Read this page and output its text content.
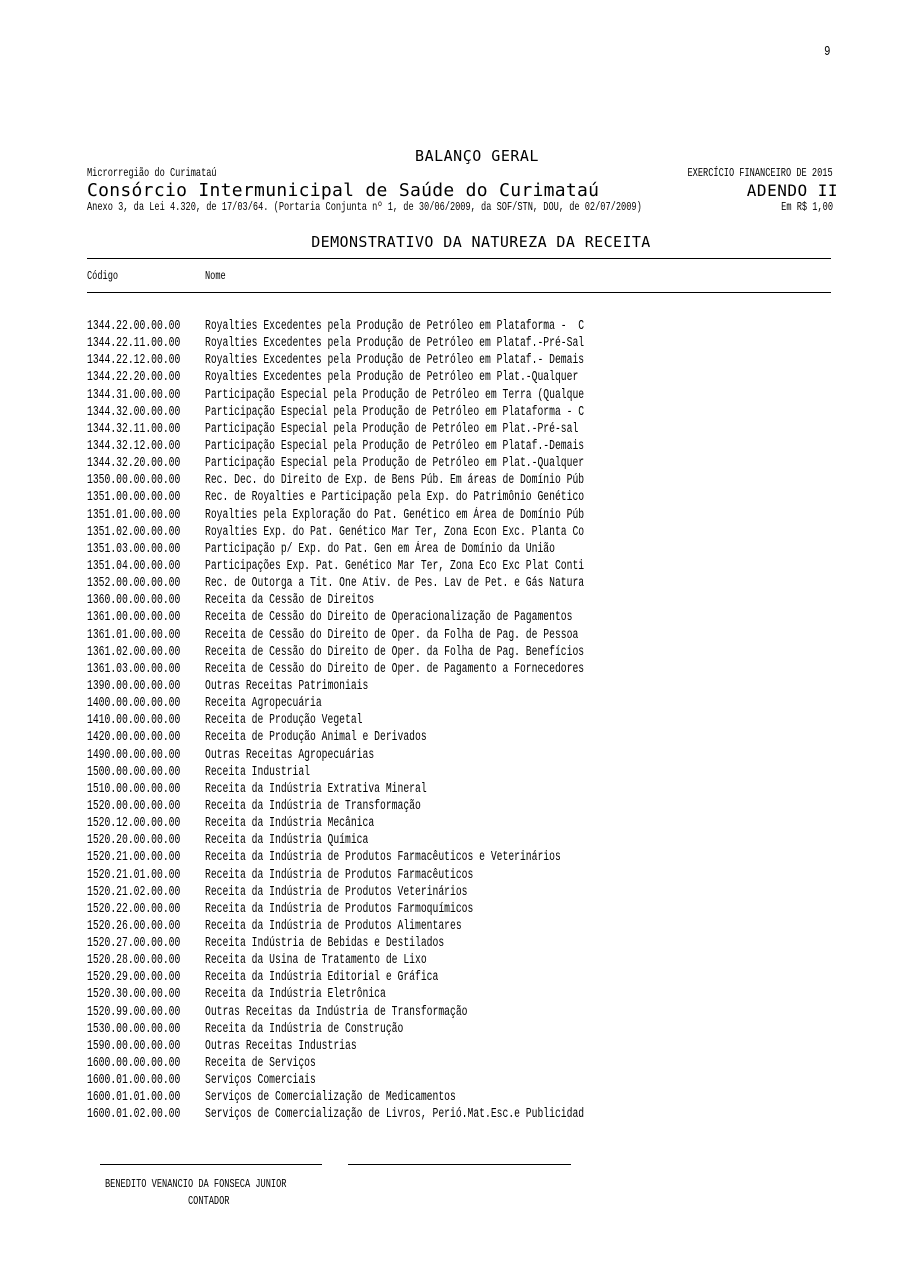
9
BALANÇO GERAL
Microrregião do Curimataú	EXERCÍCIO FINANCEIRO DE 2015
Consórcio Intermunicipal de Saúde do Curimataú	ADENDO II
Anexo 3, da Lei 4.320, de 17/03/64. (Portaria Conjunta nº 1, de 30/06/2009, da SOF/STN, DOU, de 02/07/2009)	Em R$ 1,00
DEMONSTRATIVO DA NATUREZA DA RECEITA
Código	Nome
1344.22.00.00.00 Royalties Excedentes pela Produção de Petróleo em Plataforma -  C
1344.22.11.00.00 Royalties Excedentes pela Produção de Petróleo em Plataf.-Pré-Sal
1344.22.12.00.00 Royalties Excedentes pela Produção de Petróleo em Plataf.- Demais
1344.22.20.00.00 Royalties Excedentes pela Produção de Petróleo em Plat.-Qualquer
1344.31.00.00.00 Participação Especial pela Produção de Petróleo em Terra (Qualque
1344.32.00.00.00 Participação Especial pela Produção de Petróleo em Plataforma - C
1344.32.11.00.00 Participação Especial pela Produção de Petróleo em Plat.-Pré-sal
1344.32.12.00.00 Participação Especial pela Produção de Petróleo em Plataf.-Demais
1344.32.20.00.00 Participação Especial pela Produção de Petróleo em Plat.-Qualquer
1350.00.00.00.00 Rec. Dec. do Direito de Exp. de Bens Púb. Em áreas de Domínio Púb
1351.00.00.00.00 Rec. de Royalties e Participação pela Exp. do Patrimônio Genético
1351.01.00.00.00 Royalties pela Exploração do Pat. Genético em Área de Domínio Púb
1351.02.00.00.00 Royalties Exp. do Pat. Genético Mar Ter, Zona Econ Exc. Planta Co
1351.03.00.00.00 Participação p/ Exp. do Pat. Gen em Área de Domínio da União
1351.04.00.00.00 Participações Exp. Pat. Genético Mar Ter, Zona Eco Exc Plat Conti
1352.00.00.00.00 Rec. de Outorga a Tit. One Ativ. de Pes. Lav de Pet. e Gás Natura
1360.00.00.00.00 Receita da Cessão de Direitos
1361.00.00.00.00 Receita de Cessão do Direito de Operacionalização de Pagamentos
1361.01.00.00.00 Receita de Cessão do Direito de Oper. da Folha de Pag. de Pessoa
1361.02.00.00.00 Receita de Cessão do Direito de Oper. da Folha de Pag. Benefícios
1361.03.00.00.00 Receita de Cessão do Direito de Oper. de Pagamento a Fornecedores
1390.00.00.00.00 Outras Receitas Patrimoniais
1400.00.00.00.00 Receita Agropecuária
1410.00.00.00.00 Receita de Produção Vegetal
1420.00.00.00.00 Receita de Produção Animal e Derivados
1490.00.00.00.00 Outras Receitas Agropecuárias
1500.00.00.00.00 Receita Industrial
1510.00.00.00.00 Receita da Indústria Extrativa Mineral
1520.00.00.00.00 Receita da Indústria de Transformação
1520.12.00.00.00 Receita da Indústria Mecânica
1520.20.00.00.00 Receita da Indústria Química
1520.21.00.00.00 Receita da Indústria de Produtos Farmacêuticos e Veterinários
1520.21.01.00.00 Receita da Indústria de Produtos Farmacêuticos
1520.21.02.00.00 Receita da Indústria de Produtos Veterinários
1520.22.00.00.00 Receita da Indústria de Produtos Farmoquímicos
1520.26.00.00.00 Receita da Indústria de Produtos Alimentares
1520.27.00.00.00 Receita Indústria de Bebidas e Destilados
1520.28.00.00.00 Receita da Usina de Tratamento de Lixo
1520.29.00.00.00 Receita da Indústria Editorial e Gráfica
1520.30.00.00.00 Receita da Indústria Eletrônica
1520.99.00.00.00 Outras Receitas da Indústria de Transformação
1530.00.00.00.00 Receita da Indústria de Construção
1590.00.00.00.00 Outras Receitas Industrias
1600.00.00.00.00 Receita de Serviços
1600.01.00.00.00 Serviços Comerciais
1600.01.01.00.00 Serviços de Comercialização de Medicamentos
1600.01.02.00.00 Serviços de Comercialização de Livros, Perió.Mat.Esc.e Publicidad
BENEDITO VENANCIO DA FONSECA JUNIOR
CONTADOR
